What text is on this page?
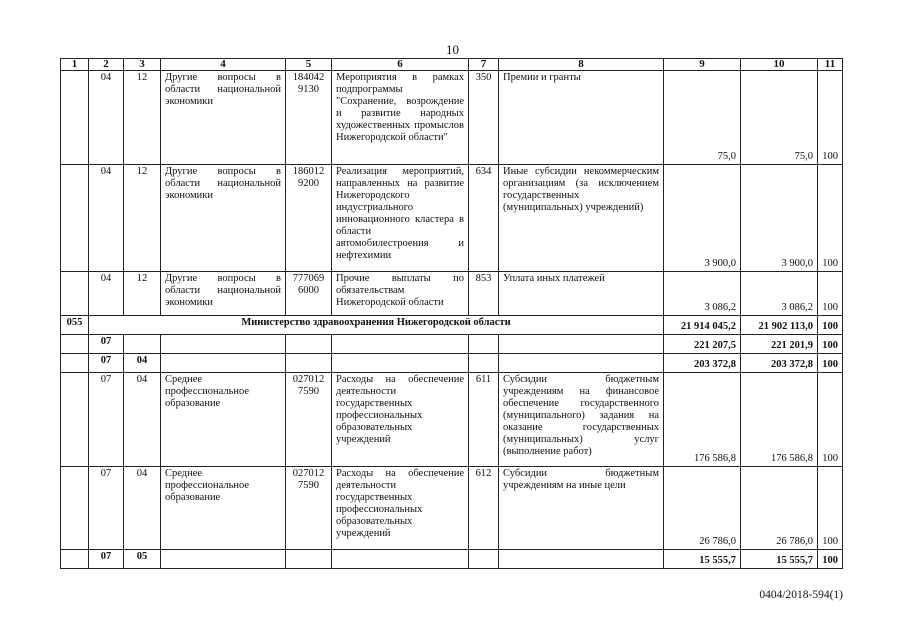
10
1	2	3	4	5	6	7	8	9	10	11
	04	12	Другие вопросы в области национальной экономики	184042 9130	Мероприятия в рамках подпрограммы "Сохранение, возрождение и развитие народных художественных промыслов Нижегородской области"	350	Премии и гранты	75,0	75,0	100
	04	12	Другие вопросы в области национальной экономики	186012 9200	Реализация мероприятий, направленных на развитие Нижегородского индустриального инновационного кластера в области автомобилестроения и нефтехимии	634	Иные субсидии некоммерческим организациям (за исключением государственных (муниципальных) учреждений)	3 900,0	3 900,0	100
	04	12	Другие вопросы в области национальной экономики	777069 6000	Прочие выплаты по обязательствам Нижегородской области	853	Уплата иных платежей	3 086,2	3 086,2	100
055	Министерство здравоохранения Нижегородской области							21 914 045,2	21 902 113,0	100
	07							221 207,5	221 201,9	100
	07	04						203 372,8	203 372,8	100
	07	04	Среднее профессиональное образование	027012 7590	Расходы на обеспечение деятельности государственных профессиональных образовательных учреждений	611	Субсидии бюджетным учреждениям на финансовое обеспечение государственного (муниципального) задания на оказание государственных (муниципальных) услуг (выполнение работ)	176 586,8	176 586,8	100
	07	04	Среднее профессиональное образование	027012 7590	Расходы на обеспечение деятельности государственных профессиональных образовательных учреждений	612	Субсидии бюджетным учреждениям на иные цели	26 786,0	26 786,0	100
	07	05						15 555,7	15 555,7	100
0404/2018-594(1)
